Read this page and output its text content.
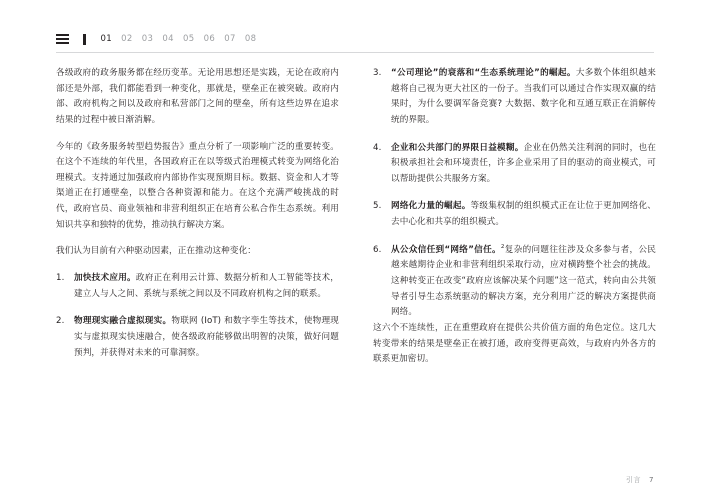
01 02 03 04 05 06 07 08

各级政府的政务服务都在经历变革。无论用思想还是实践，无论在政府内部还是外部，我们都能看到一种变化，那就是，壁垒正在被突破。政府内部、政府机构之间以及政府和私营部门之间的壁垒，所有这些边界在追求结果的过程中被日渐消解。

今年的《政务服务转型趋势报告》重点分析了一项影响广泛的重要转变。在这个不连续的年代里，各国政府正在以等级式治理模式转变为网络化治理模式。支持通过加强政府内部协作实现预期目标。数据、资金和人才等渠道正在打通壁垒，以整合各种资源和能力。在这个充满严峻挑战的时代，政府官员、商业领袖和非营利组织正在培育公私合作生态系统。利用知识共享和独特的优势，推动执行解决方案。

我们认为目前有六种驱动因素，正在推动这种变化：

加快技术应用。政府正在利用云计算、数据分析和人工智能等技术，建立人与人之间、系统与系统之间以及不同政府机构之间的联系。
物理现实融合虚拟现实。物联网 (IoT) 和数字孪生等技术，使物理现实与虚拟现实快速融合，使各级政府能够做出明智的决策，做好问题预判，并获得对未来的可靠洞察。
“公司理论”的衰落和“生态系统理论”的崛起。大多数个体组织越来越将自己视为更大社区的一份子。当我们可以通过合作实现双赢的结果时，为什么要调军备竞赛? 大数据、数字化和互通互联正在消解传统的界限。
企业和公共部门的界限日益模糊。企业在仍然关注利润的同时，也在积极承担社会和环境责任，许多企业采用了目的驱动的商业模式，可以帮助提供公共服务方案。
网络化力量的崛起。等级集权制的组织模式正在让位于更加网络化、去中心化和共享的组织模式。
从公众信任到“网络”信任。$^2$复杂的问题往往涉及众多参与者，公民越来越期待企业和非营利组织采取行动，应对横跨整个社会的挑战。这种转变正在改变“政府应该解决某个问题”这一范式，转向由公共领导者引导生态系统驱动的解决方案，充分利用广泛的解决方案提供商网络。

这六个不连续性，正在重塑政府在提供公共价值方面的角色定位。这几大转变带来的结果是壁垒正在被打通，政府变得更高效，与政府内外各方的联系更加密切。

引言 7
